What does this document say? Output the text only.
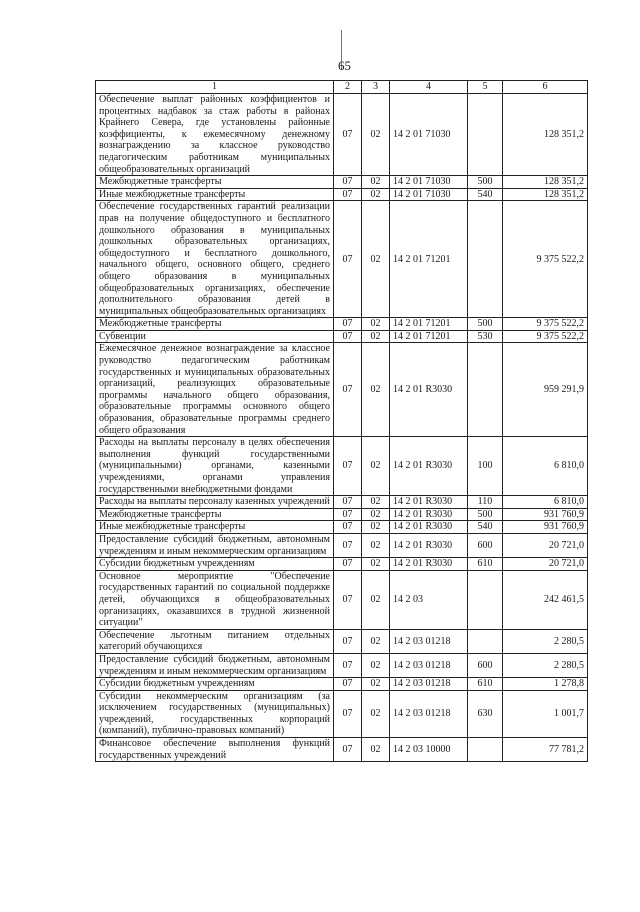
65
1	2	3	4	5	6
Обеспечение выплат районных коэффициентов и процентных надбавок за стаж работы в районах Крайнего Севера, где установлены районные коэффициенты, к ежемесячному денежному вознаграждению за классное руководство педагогическим работникам муниципальных общеобразовательных организаций	07	02	14 2 01 71030		128 351,2
Межбюджетные трансферты	07	02	14 2 01 71030	500	128 351,2
Иные межбюджетные трансферты	07	02	14 2 01 71030	540	128 351,2
Обеспечение государственных гарантий реализации прав на получение общедоступного и бесплатного дошкольного образования в муниципальных дошкольных образовательных организациях, общедоступного и бесплатного дошкольного, начального общего, основного общего, среднего общего образования в муниципальных общеобразовательных организациях, обеспечение дополнительного образования детей в муниципальных общеобразовательных организациях	07	02	14 2 01 71201		9 375 522,2
Межбюджетные трансферты	07	02	14 2 01 71201	500	9 375 522,2
Субвенции	07	02	14 2 01 71201	530	9 375 522,2
Ежемесячное денежное вознаграждение за классное руководство педагогическим работникам государственных и муниципальных образовательных организаций, реализующих образовательные программы начального общего образования, образовательные программы основного общего образования, образовательные программы среднего общего образования	07	02	14 2 01 R3030		959 291,9
Расходы на выплаты персоналу в целях обеспечения выполнения функций государственными (муниципальными) органами, казенными учреждениями, органами управления государственными внебюджетными фондами	07	02	14 2 01 R3030	100	6 810,0
Расходы на выплаты персоналу казенных учреждений	07	02	14 2 01 R3030	110	6 810,0
Межбюджетные трансферты	07	02	14 2 01 R3030	500	931 760,9
Иные межбюджетные трансферты	07	02	14 2 01 R3030	540	931 760,9
Предоставление субсидий бюджетным, автономным учреждениям и иным некоммерческим организациям	07	02	14 2 01 R3030	600	20 721,0
Субсидии бюджетным учреждениям	07	02	14 2 01 R3030	610	20 721,0
Основное мероприятие "Обеспечение государственных гарантий по социальной поддержке детей, обучающихся в общеобразовательных организациях, оказавшихся в трудной жизненной ситуации"	07	02	14 2 03		242 461,5
Обеспечение льготным питанием отдельных категорий обучающихся	07	02	14 2 03 01218		2 280,5
Предоставление субсидий бюджетным, автономным учреждениям и иным некоммерческим организациям	07	02	14 2 03 01218	600	2 280,5
Субсидии бюджетным учреждениям	07	02	14 2 03 01218	610	1 278,8
Субсидии некоммерческим организациям (за исключением государственных (муниципальных) учреждений, государственных корпораций (компаний), публично-правовых компаний)	07	02	14 2 03 01218	630	1 001,7
Финансовое обеспечение выполнения функций государственных учреждений	07	02	14 2 03 10000		77 781,2
